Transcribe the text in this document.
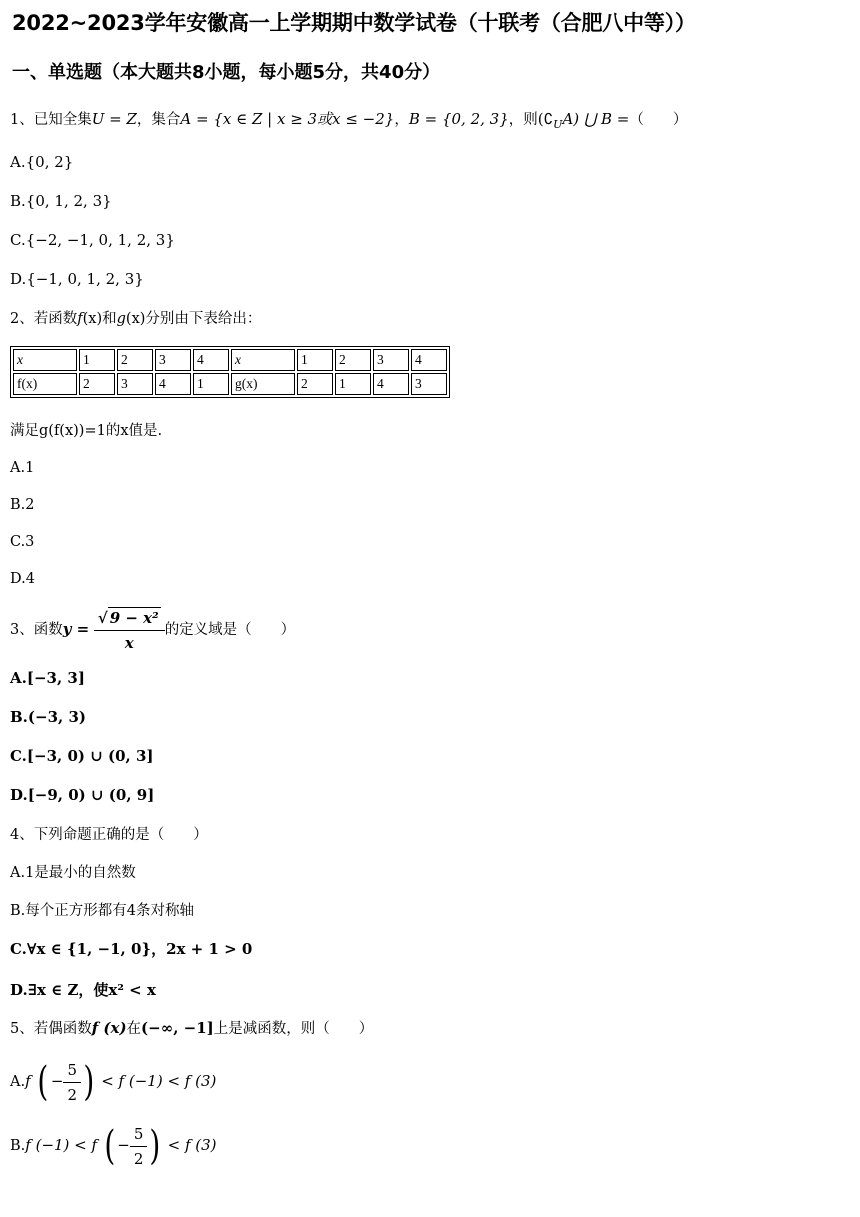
2022~2023学年安徽高一上学期期中数学试卷（十联考（合肥八中等））
一、单选题（本大题共8小题，每小题5分，共40分）
1、已知全集U = Z，集合A = {x ∈ Z | x ≥ 3或x ≤ −2}，B = {0, 2, 3}，则$(∁_UA)$ ⋃ B =（　　）
A.{0, 2}
B.{0, 1, 2, 3}
C.{−2, −1, 0, 1, 2, 3}
D.{−1, 0, 1, 2, 3}
2、若函数f(x)和g(x)分别由下表给出：
x	1	2	3	4	x	1	2	3	4
f(x)	2	3	4	1	g(x)	2	1	4	3
满足g(f(x))=1的x值是.
A.1
B.2
C.3
D.4
3、函数$y = \frac{\text{√ 9 − x²}}{x}$ 的定义域是（　　）
A.[−3, 3]
B.(−3, 3)
C.[−3, 0) ∪ (0, 3]
D.[−9, 0) ∪ (0, 9]
4、下列命题正确的是（　　）
A.1是最小的自然数
B.每个正方形都有4条对称轴
C.∀x ∈ {1, −1, 0}，2x + 1 > 0
D.∃x ∈ Z，使x² < x
5、若偶函数f (x)在(−∞, −1]上是减函数，则（　　）
A.f ( − $\frac{5}{2}$ ) < f (−1) < f (3)
B.f (−1) < f ( − $\frac{5}{2}$ ) < f (3)
